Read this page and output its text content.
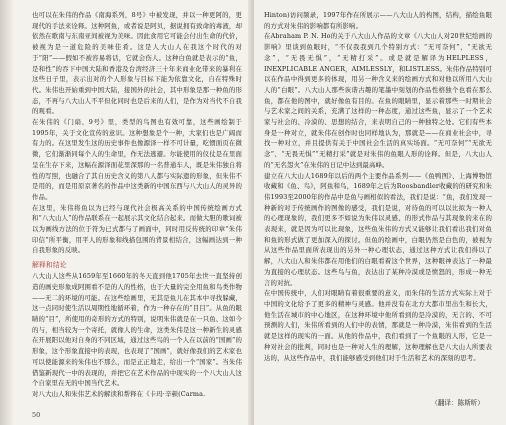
也可以在朱伟的作品《南海系列，8号》中被发现，并以一种更阿的，更现代的手法来诠释。这种阿鱼，或者说是阿贝，据说拥有致命的毒液，却依然在歌南与东南亚间被视为美味。因此食用它可能会付出生命的代价，被视为是一道危险的美味佳肴。这是人大山人在我这个时代的对于“阳”——假如不被容易将话，它就会伤人。这种白鱼就是表示的“鱼，是和性”的吞下中国大陆和香港及台湾经济三十年来商业化带来的暴利在这些日子里，表示出对的个人形象与目标下能为依靠文化，自在特殊时代。朱伟也开始重到中国大陆，接国外的社会，其中形象是那一种鱼的形态，不再与八大山人不平但化同时也是后来的人们，是作为对当代不自我的观看。

在朱伟的《门扇、9号》里，类型的鸟图也有效可靠，这些画绘制于1995年，关于文化宣传的意识。这种想象是个一种，大家们也是广阔而有力的。在这里发生这的历史事件也像源泽一样不可计量，吃惯面页在微微，它们渐渐同每个人的生命里，作无法逃避。尔能使用的仪仗是在里面呈在生存下来，这幅在源泽面花里深那的一名普通车人，既是朱伟独自将性的写照，也融合了其自历史含义的第八人都与实际遗的形象，但朱伟不是用的，而是用原京著名的作品中这类新的中国东西与八大山人的灵异的作品。

在这里，朱伟将鱼以为已经与现代社会极高关系的中国传统绘画方式和“八大山人”的作品联系在一起展示其文化结合起来。而做大胆的歌词被以为画线方法的位于符为已式都与了画面中，同时用反传统的印章“朱伟印信”所平衡，用平人的形象和线描包围的背景相结合，这幅画达到一种自我形象的反映。

解释和结论

八大山人这些从1659年至1660年的冬天直到他1705年去世一直坚持创造的画史形象成阿围看不是的人的性格，也于大量的完全用鱼和鸟类作物——无二的环境的可能。在这些绘画里，无其是鱼儿在其本中寻找躲藏，这一点同时使生活以周期性地循环着，作为一种存在的“目目”。从鱼的眼睛的“目”，所使用的奇形的方式的特别，说明朱伟就是在一只鱼、这如今的与，相当较为一个寄托，就像人的生命，这类朱伟是这一种新生的灵感在开展阳以他对自身的不同区域，通过这些鸟的一个人在以前的“国画”的形象，这个形象直接中的表现，也表现了“国画”，就好像我们的艺术家也可以使能源来的朱伟也不那么，而是正正地走，给出一个“国家”。当朱伟借鉴新现代一中的表现的，并把它在艺术作品的中现实的一个八大山人这个自家里在无的中国当代艺术。

对八大山人和朱伟艺术的解读和帮释在《卡玛·辛顿(Carma.

50

Hinton)访问频录，1997年作在所展示——八大山人的构图，结构，描绘鱼眼的方式对朱伟的影响都有所影响。

在Abraham P. N. Ho的关于八大山人作品的文章《八大山人对20世纪绘画的影响》里谈到鱼眼时，“不仅我我到几个特别方式：“无可奈何”，“无欲无念”，“无畏无惧”，“无精打采”。或是就是解译为HELPLESS，INEXPLICABLE ANGER，AIMLESSLY，和LISTLESS。朱伟作品特别可以在作品中得到更多的体现，用另一种含义来的绘画方式和对他以所用八大山人的“白眼”。八大山人那些诙谐古趣的笔墨中刻划的作品性格独个也看在那么鱼，都在他的图中，就好像鱼有目的。在鱼的眼睛里，显示着那些一时期社会与艺术家之间的关系，充满了这样的一种态度，通过这些鱼，显示了一个艺术家与社会的、冷漠的、思想的结合，来表明自己的一种独特之处。它们有些本身是一种对立，就朱伟在创作时也同样地认为，那就是——在商业社会中，寻找一种对立，并且提供有关于中国社会生活的真实场面。“无可奈何”“无欲无念”、“无畏无惧”“无精打采”就是对朱伟的鱼眼人形的诠释。但是，八大山人的“无名怨火”在朱伟的日记中达到最高峰。

建立在八大山人1689年以后的两个主要作品系列——《鱼鸭图》、上海博物馆收藏和《鱼、鸟》，阿鱼和鸟，1689年之后为Roosbandler收藏的的研究和朱伟1993至2000年的作品中是鱼与画相似的看法，我们是说：“鱼，我们发现一种新的对于传统画作的图像的感受，我们是说，对待鱼的可以以比拟为一种人的心理现象的，我们更多不如说为朱伟以灵感、的形式作品与其现象的来在的表现来，就是因为可以比现象，这些鱼朱伟的方式又能够让我们看出我们对鱼和鱼的形式做了更加深入的探讨。但鱼的绘画中，白眼仍然是白色的，被视为从这些作品里面所表现出的另外一种心理状态，通过这种方式让我们得以了解，八大山人和朱伟都在用他们的白眼看着这个世界，这种眼神表达了一种最为直接的心理状态。这些鸟与鱼，表达出了某种冷漠或是愤怒的，形成一种无言的对抗。

在中国传统中，人们对眼睛有着很重要的意义，而朱伟的生活方式实际上对于中国的文化给予了更多的精神与灵感。他并没有在北方大都市里出生和长大，他生活在城市的中心地区，在这种环境中他所看到的是冷漠的，无言的、不可预测的人们，朱伟所看到的人们中的表情，那就是一种冷漠，朱伟看到的生活就是这样的现实的一面。从他的作品中，我们看到了一个鱼眼的人形，它是一种对社会的批判，同时也是一种对人生的理解，这种理解也是八大山人所要表达的，从这些作品中，我们能够感受到他们对于生活和艺术的深刻的思考。

（翻译：陈斯昕）
